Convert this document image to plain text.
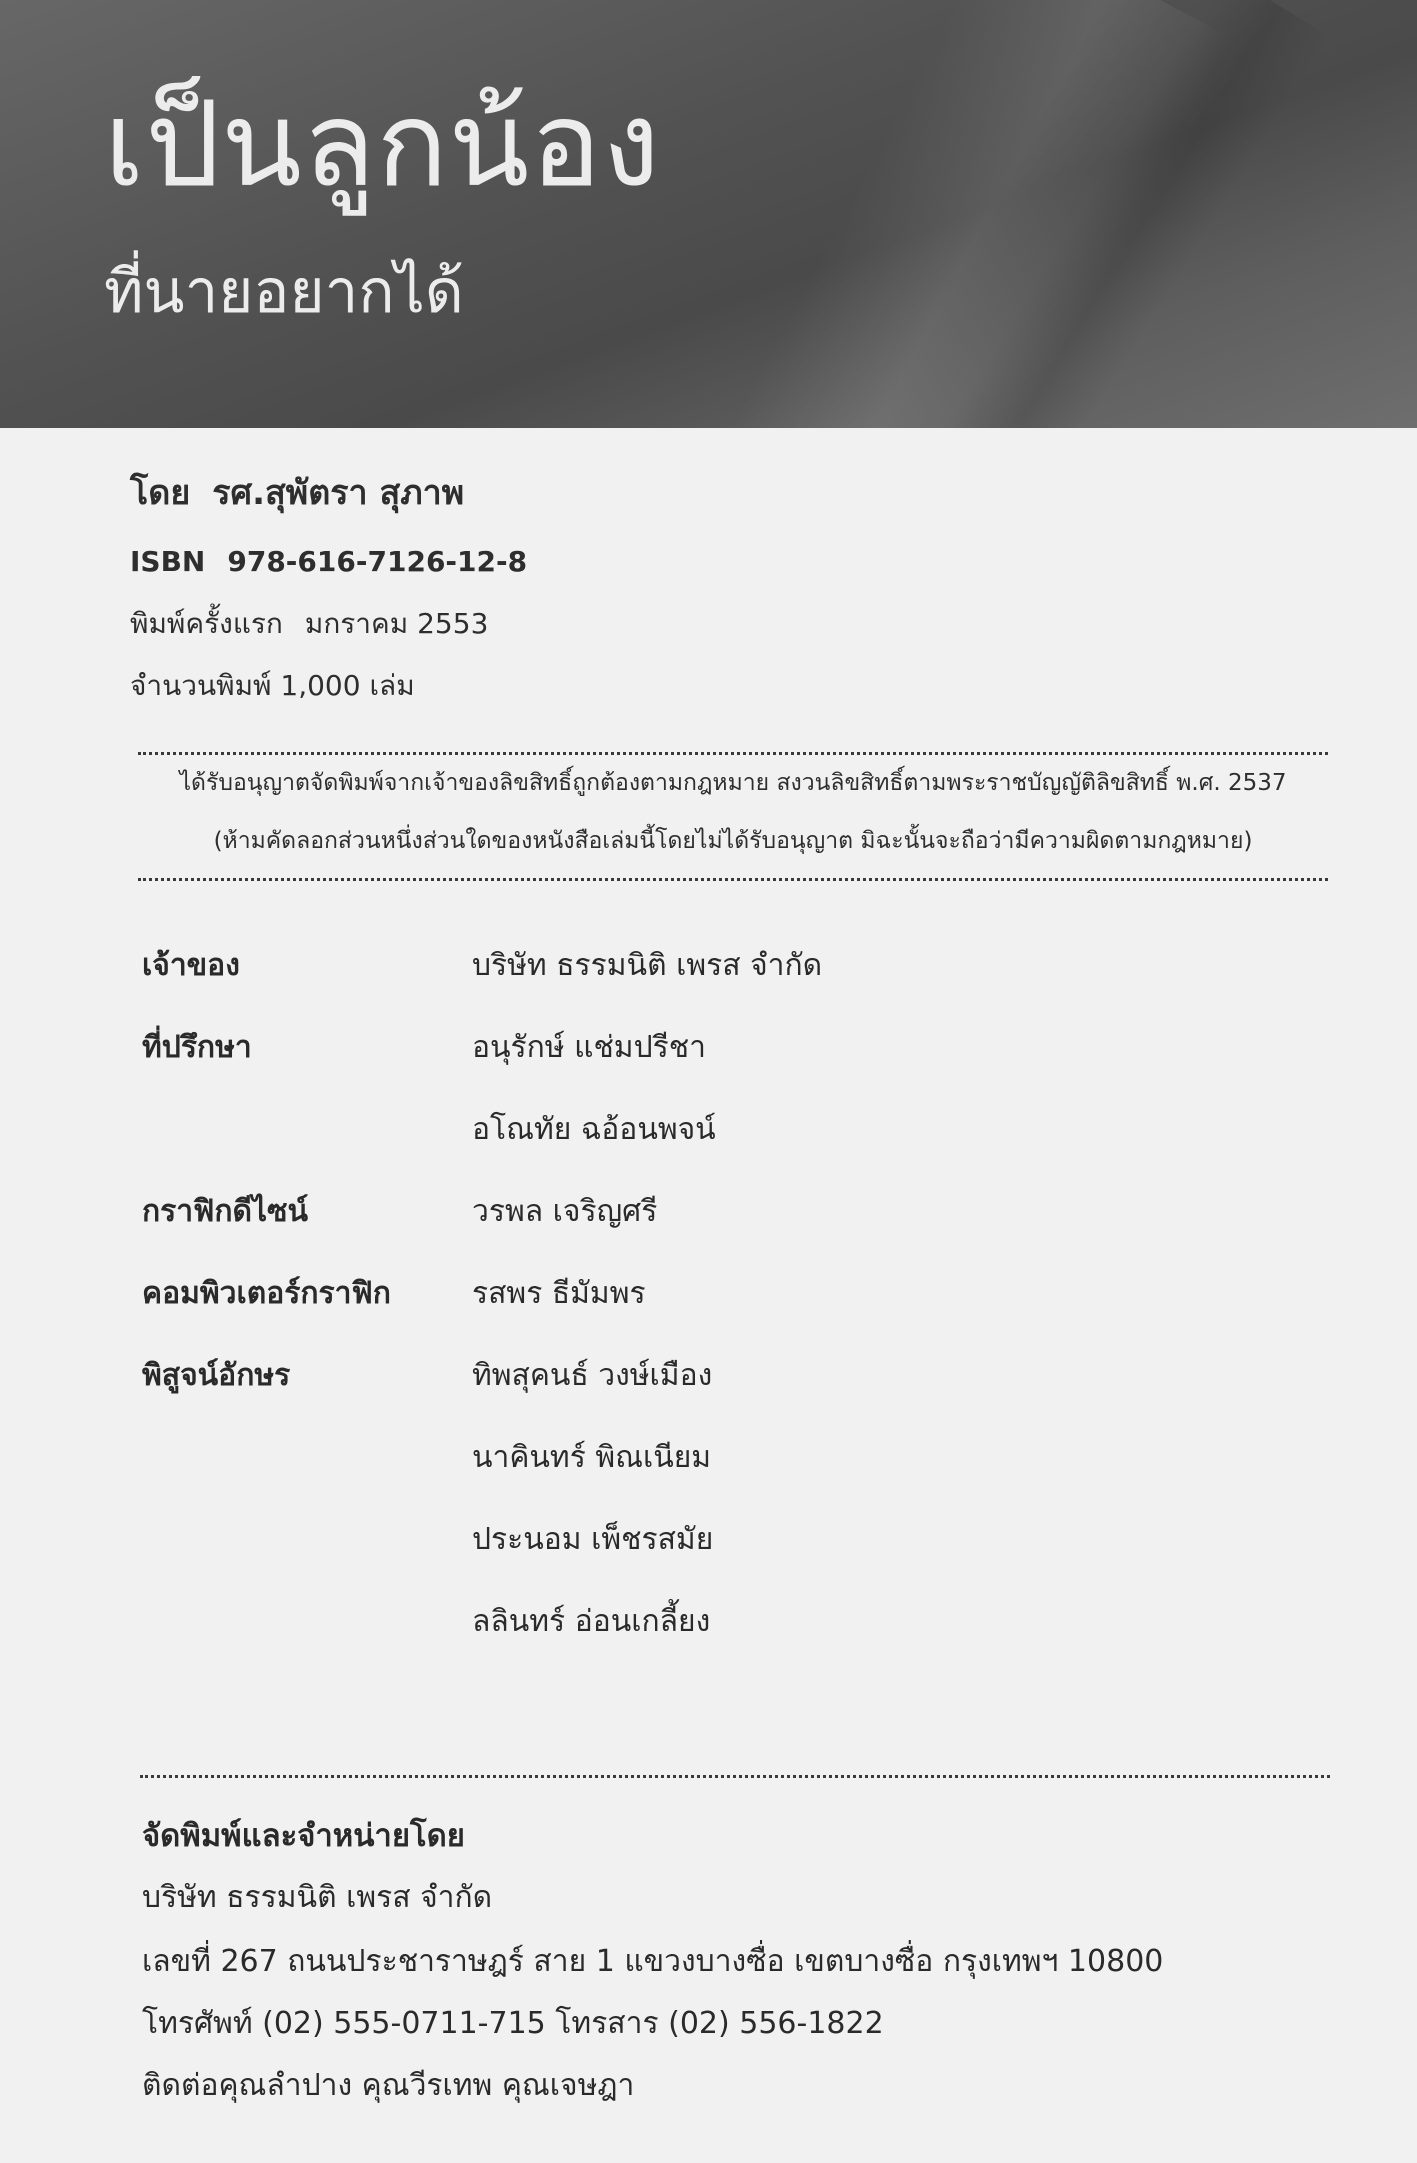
เป็นลูกน้อง
ที่นายอยากได้
โดย รศ.สุพัตรา สุภาพ
ISBN 978-616-7126-12-8
พิมพ์ครั้งแรก มกราคม 2553
จำนวนพิมพ์ 1,000 เล่ม
ได้รับอนุญาตจัดพิมพ์จากเจ้าของลิขสิทธิ์ถูกต้องตามกฎหมาย สงวนลิขสิทธิ์ตามพระราชบัญญัติลิขสิทธิ์ พ.ศ. 2537
(ห้ามคัดลอกส่วนหนึ่งส่วนใดของหนังสือเล่มนี้โดยไม่ได้รับอนุญาต มิฉะนั้นจะถือว่ามีความผิดตามกฎหมาย)
เจ้าของ	บริษัท ธรรมนิติ เพรส จำกัด
ที่ปรึกษา	อนุรักษ์ แช่มปรีชา
อโณทัย ฉอ้อนพจน์
กราฟิกดีไซน์	วรพล เจริญศรี
คอมพิวเตอร์กราฟิก	รสพร ธีมัมพร
พิสูจน์อักษร	ทิพสุคนธ์ วงษ์เมือง
นาคินทร์ พิณเนียม
ประนอม เพ็ชรสมัย
ลลินทร์ อ่อนเกลี้ยง
จัดพิมพ์และจำหน่ายโดย
บริษัท ธรรมนิติ เพรส จำกัด
เลขที่ 267 ถนนประชาราษฎร์ สาย 1 แขวงบางซื่อ เขตบางซื่อ กรุงเทพฯ 10800
โทรศัพท์ (02) 555-0711-715 โทรสาร (02) 556-1822
ติดต่อคุณลำปาง คุณวีรเทพ คุณเจษฎา
